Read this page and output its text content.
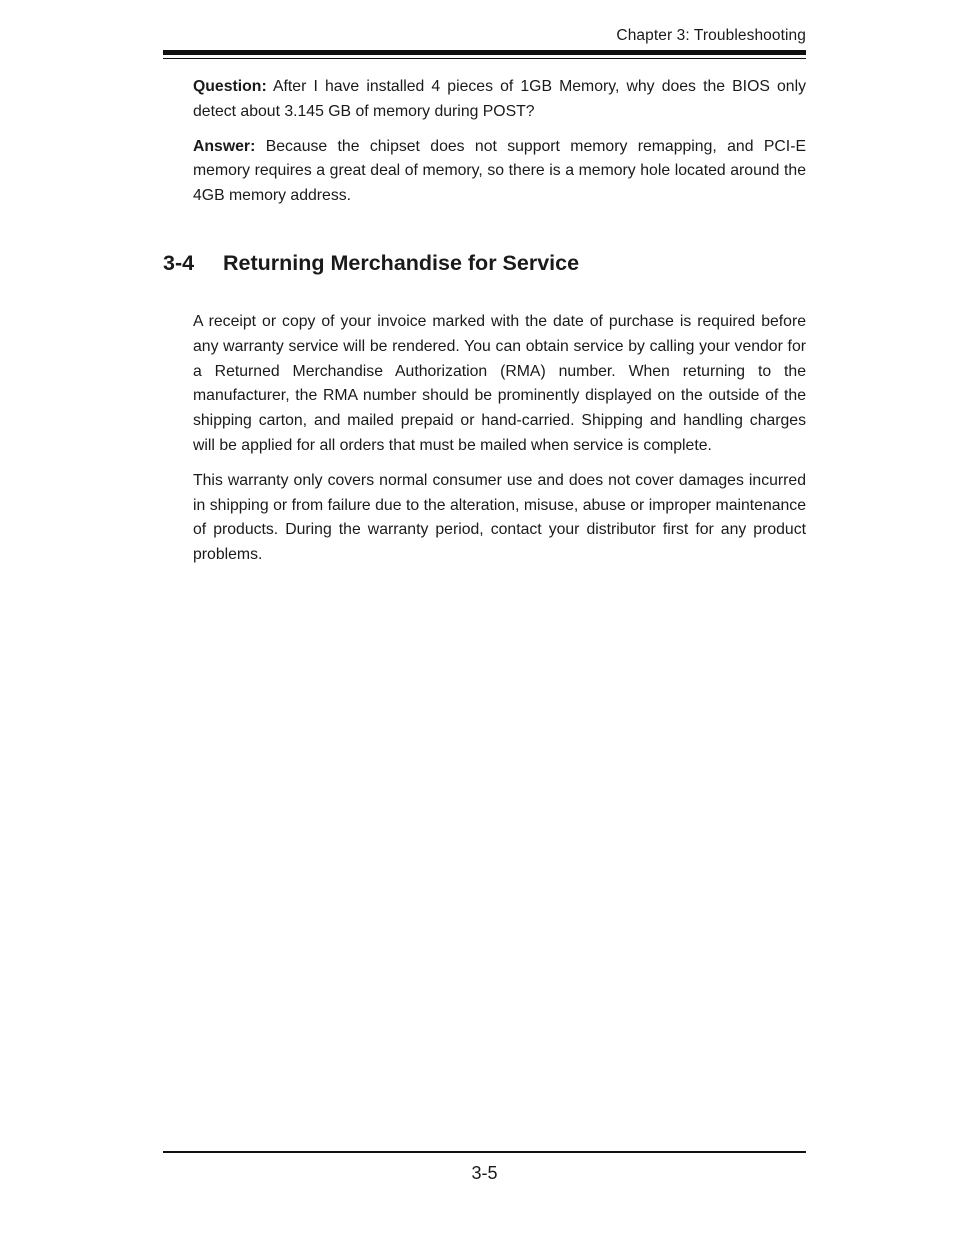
Chapter 3: Troubleshooting

Question: After I have installed 4 pieces of 1GB Memory, why does the BIOS only detect about 3.145 GB of memory during POST?

Answer: Because the chipset does not support memory remapping, and PCI-E memory requires a great deal of memory, so there is a memory hole located around the 4GB memory address.

3-4 Returning Merchandise for Service

A receipt or copy of your invoice marked with the date of purchase is required before any warranty service will be rendered. You can obtain service by calling your vendor for a Returned Merchandise Authorization (RMA) number. When returning to the manufacturer, the RMA number should be prominently displayed on the outside of the shipping carton, and mailed prepaid or hand-carried. Shipping and handling charges will be applied for all orders that must be mailed when service is complete.

This warranty only covers normal consumer use and does not cover damages incurred in shipping or from failure due to the alteration, misuse, abuse or improper maintenance of products. During the warranty period, contact your distributor first for any product problems.

3-5
